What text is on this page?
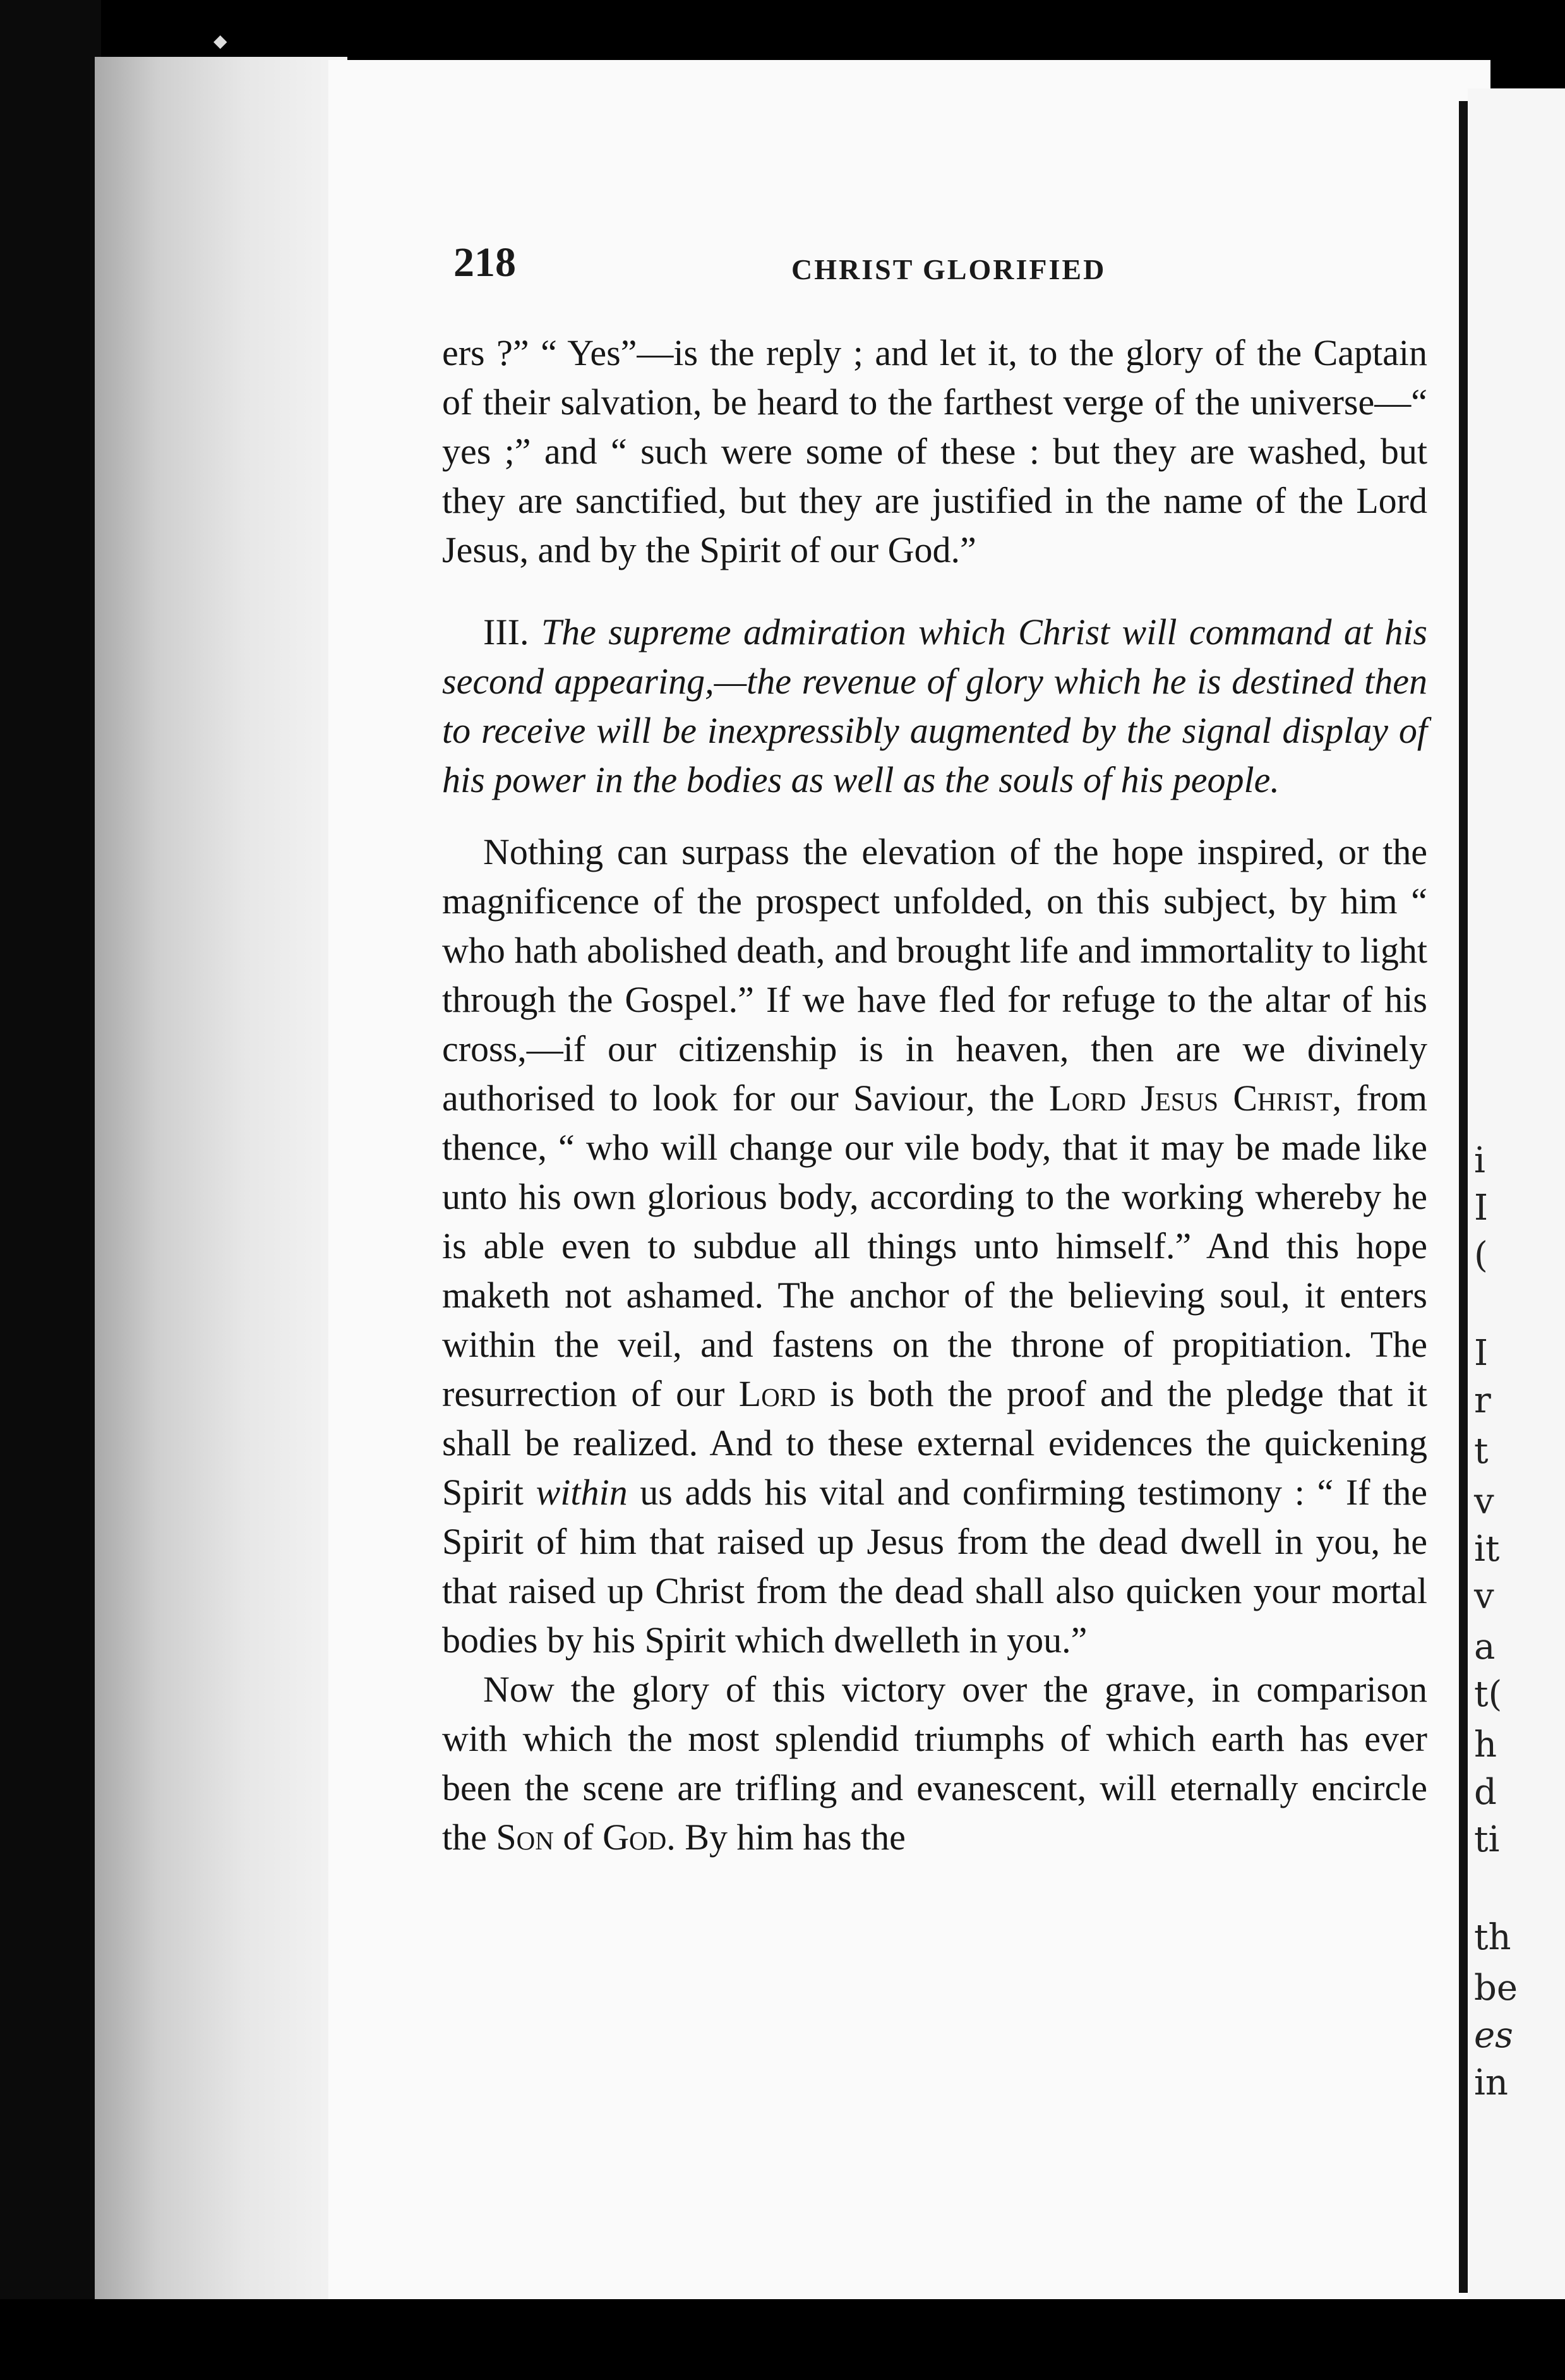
◆
i
I
(
I
r
t
v
it
v
a
t(
h
d
ti
th
be
es
in
218	CHRIST GLORIFIED

ers ?” “ Yes”—is the reply ; and let it, to the glory of the Captain of their salvation, be heard to the farthest verge of the universe—“ yes ;” and “ such were some of these : but they are washed, but they are sanctified, but they are justified in the name of the Lord Jesus, and by the Spirit of our God.”

III. The supreme admiration which Christ will command at his second appearing,—the revenue of glory which he is destined then to receive will be inexpressibly augmented by the signal display of his power in the bodies as well as the souls of his people.

Nothing can surpass the elevation of the hope inspired, or the magnificence of the prospect unfolded, on this subject, by him “ who hath abolished death, and brought life and immortality to light through the Gospel.” If we have fled for refuge to the altar of his cross,—if our citizenship is in heaven, then are we divinely authorised to look for our Saviour, the Lord Jesus Christ, from thence, “ who will change our vile body, that it may be made like unto his own glorious body, according to the working whereby he is able even to subdue all things unto himself.” And this hope maketh not ashamed. The anchor of the believing soul, it enters within the veil, and fastens on the throne of propitiation. The resurrection of our Lord is both the proof and the pledge that it shall be realized. And to these external evidences the quickening Spirit within us adds his vital and confirming testimony : “ If the Spirit of him that raised up Jesus from the dead dwell in you, he that raised up Christ from the dead shall also quicken your mortal bodies by his Spirit which dwelleth in you.”

Now the glory of this victory over the grave, in comparison with which the most splendid triumphs of which earth has ever been the scene are trifling and evanescent, will eternally encircle the Son of God. By him has the
